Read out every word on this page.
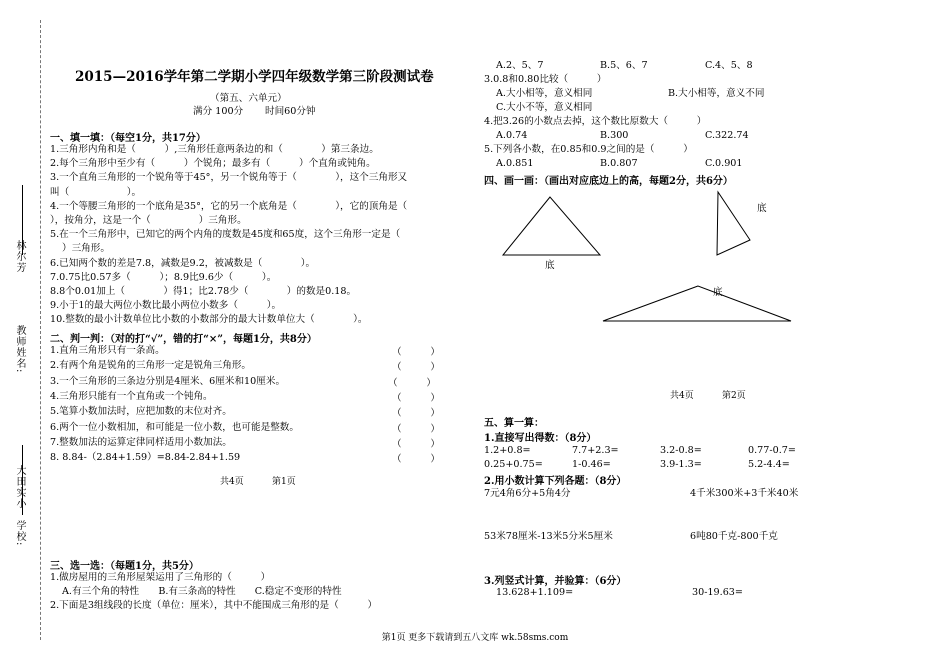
林尔芳
教师姓名:
大田实小
学校:
2015—2016学年第二学期小学四年级数学第三阶段测试卷
（第五、六单元）
满分 100分 时间60分钟
一、填一填：（每空1分，共17分）
1.三角形内角和是（　　　）,三角形任意两条边的和（　　　　）第三条边。
2.每个三角形中至少有（　　　）个锐角；最多有（　　　）个直角或钝角。
3.一个直角三角形的一个锐角等于45°，另一个锐角等于（　　　　），这个三角形又
叫（　　　　　　）。
4.一个等腰三角形的一个底角是35°，它的另一个底角是（　　　　），它的顶角是（
），按角分，这是一个（　　　　　）三角形。
5.在一个三角形中，已知它的两个内角的度数是45度和65度，这个三角形一定是（
）三角形。
6.已知两个数的差是7.8，减数是9.2，被减数是（　　　　）。
7.0.75比0.57多（　　　）；8.9比9.6少（　　　）。
8.8个0.01加上（　　　　）得1；比2.78少（　　　　）的数是0.18。
9.小于1的最大两位小数比最小两位小数多（　　　）。
10.整数的最小计数单位比小数的小数部分的最大计数单位大（　　　　）。
二、判一判：（对的打“√”，错的打“×”，每题1分，共8分）
1.直角三角形只有一条高。	（　　　）
2.有两个角是锐角的三角形一定是锐角三角形。	（　　　）
3.一个三角形的三条边分别是4厘米、6厘米和10厘米。	（　　　）
4.三角形只能有一个直角或一个钝角。	（　　　）
5.笔算小数加法时，应把加数的末位对齐。	（　　　）
6.两个一位小数相加，和可能是一位小数，也可能是整数。	（　　　）
7.整数加法的运算定律同样适用小数加法。	（　　　）
8. 8.84-（2.84+1.59）=8.84-2.84+1.59	（　　　）
共4页	第1页
三、选一选：（每题1分，共5分）
1.做房屋用的三角形屋架运用了三角形的（　　　）
A.有三个角的特性　　B.有三条高的特性　　C.稳定不变形的特性
2.下面是3组线段的长度（单位：厘米），其中不能围成三角形的是（　　　）
A.2、5、7	B.5、6、7	C.4、5、8
3.0.8和0.80比较（　　　）
A.大小相等，意义相同	B.大小相等，意义不同
C.大小不等，意义相同
4.把3.26的小数点去掉，这个数比原数大（　　　）
A.0.74	B.300	C.322.74
5.下列各小数，在0.85和0.9之间的是（　　　）
A.0.851	B.0.807	C.0.901
四、画一画：（画出对应底边上的高，每题2分，共6分）
底
底
底
共4页	第2页
五、算一算：
1.直接写出得数：（8分）
1.2+0.8=	7.7+2.3=	3.2-0.8=	0.77-0.7=
0.25+0.75=	1-0.46=	3.9-1.3=	5.2-4.4=
2.用小数计算下列各题：（8分）
7元4角6分+5角4分	4千米300米+3千米40米
53米78厘米-13米5分米5厘米	6吨80千克-800千克
3.列竖式计算，并验算：（6分）
13.628+1.109=	30-19.63=
第1页 更多下载请到五八文库 wk.58sms.com
